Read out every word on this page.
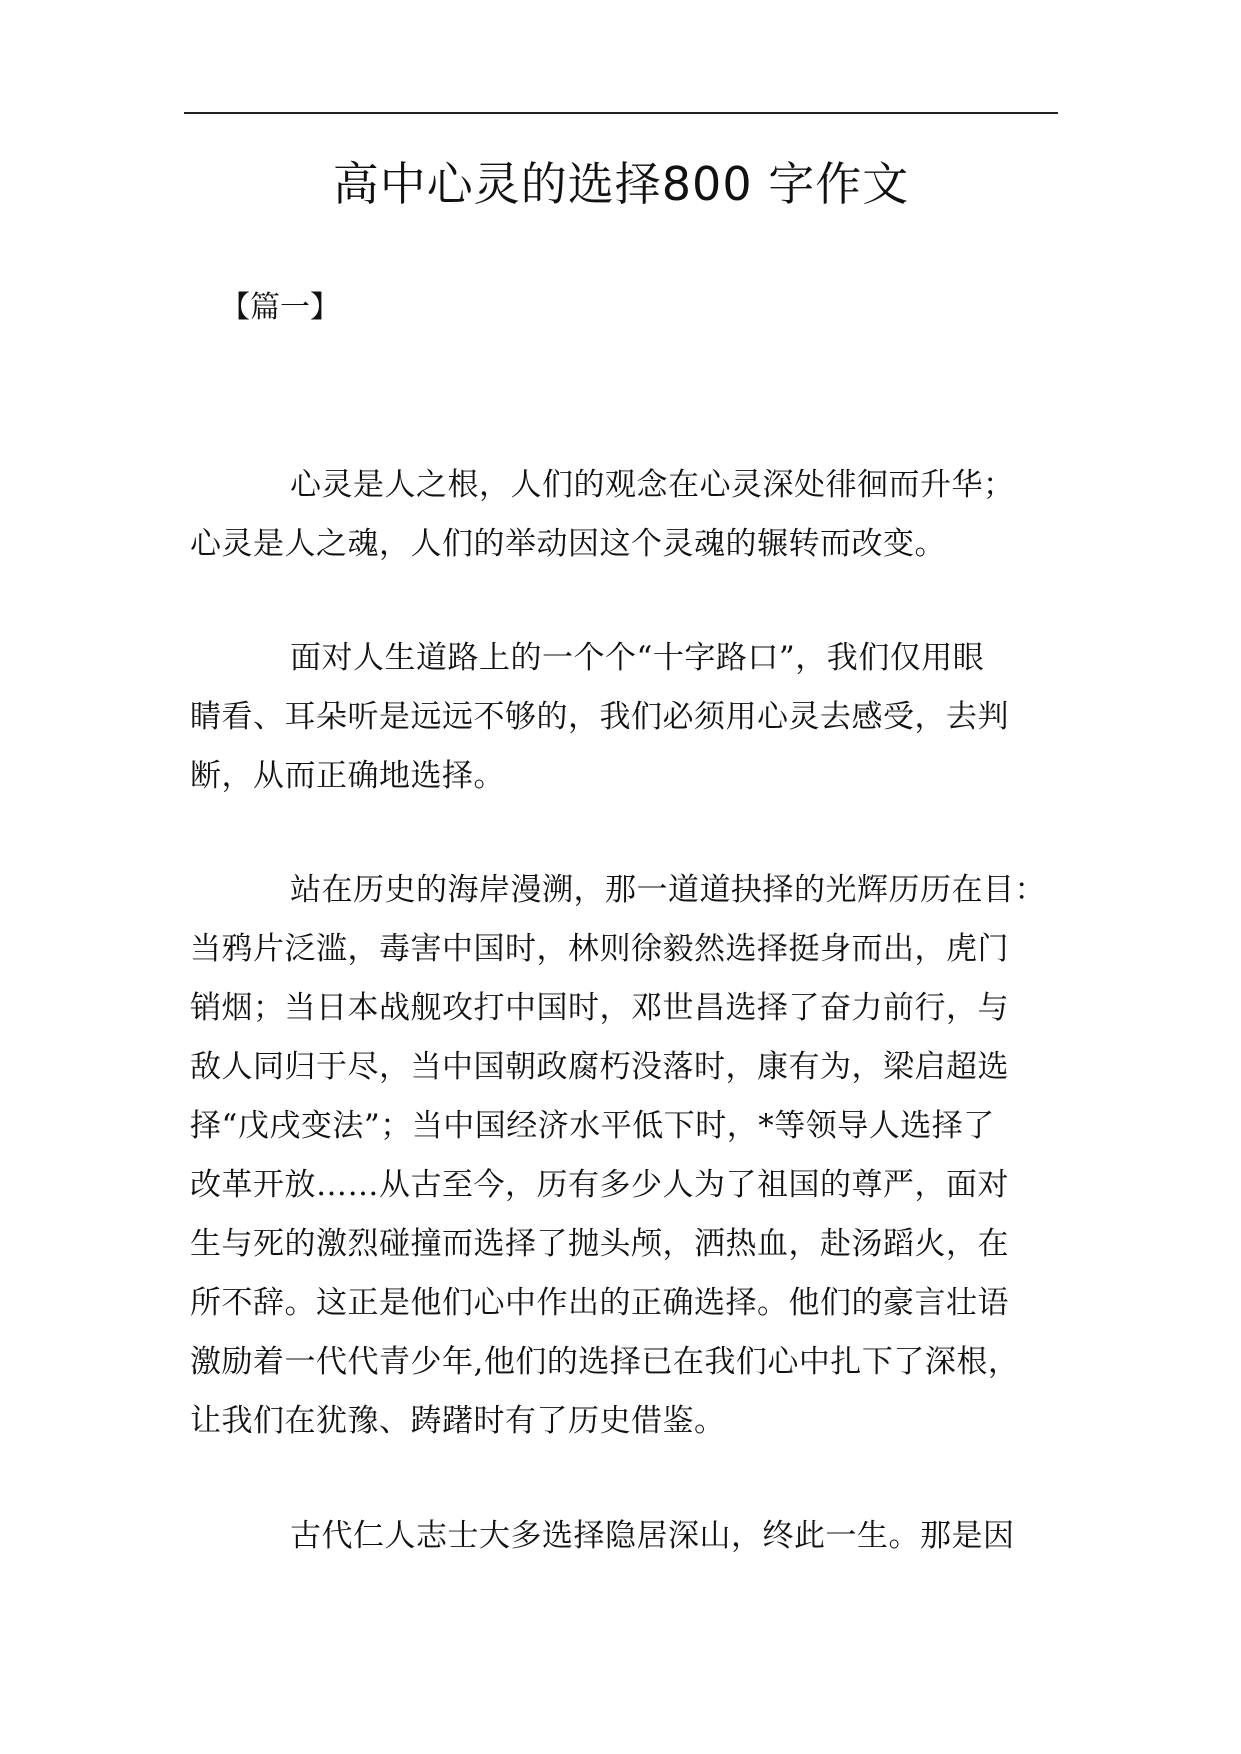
高中心灵的选择800 字作文
【篇一】
心灵是人之根，人们的观念在心灵深处徘徊而升华；
心灵是人之魂，人们的举动因这个灵魂的辗转而改变。
面对人生道路上的一个个“十字路口”，我们仅用眼
睛看、耳朵听是远远不够的，我们必须用心灵去感受，去判
断，从而正确地选择。
站在历史的海岸漫溯，那一道道抉择的光辉历历在目：
当鸦片泛滥，毒害中国时，林则徐毅然选择挺身而出，虎门
销烟；当日本战舰攻打中国时，邓世昌选择了奋力前行，与
敌人同归于尽，当中国朝政腐朽没落时，康有为，梁启超选
择“戊戌变法”；当中国经济水平低下时，*等领导人选择了
改革开放……从古至今，历有多少人为了祖国的尊严，面对
生与死的激烈碰撞而选择了抛头颅，洒热血，赴汤蹈火，在
所不辞。这正是他们心中作出的正确选择。他们的豪言壮语
激励着一代代青少年,他们的选择已在我们心中扎下了深根，
让我们在犹豫、踌躇时有了历史借鉴。
古代仁人志士大多选择隐居深山，终此一生。那是因
